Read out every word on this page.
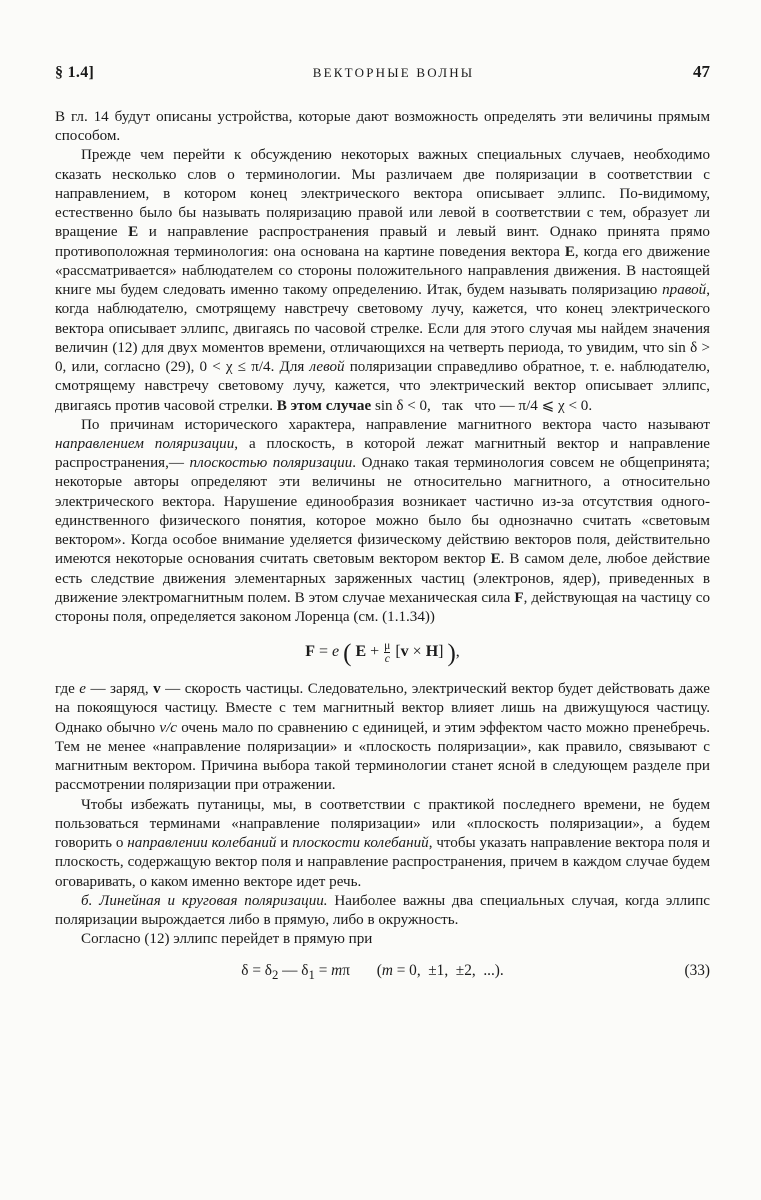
§ 1.4]	ВЕКТОРНЫЕ ВОЛНЫ	47

В гл. 14 будут описаны устройства, которые дают возможность определять эти величины прямым способом.

Прежде чем перейти к обсуждению некоторых важных специальных случаев, необходимо сказать несколько слов о терминологии. Мы различаем две поляризации в соответствии с направлением, в котором конец электрического вектора описывает эллипс. По-видимому, естественно было бы называть поляризацию правой или левой в соответствии с тем, образует ли вращение E и направление распространения правый и левый винт. Однако принята прямо противоположная терминология: она основана на картине поведения вектора E, когда его движение «рассматривается» наблюдателем со стороны положительного направления движения. В настоящей книге мы будем следовать именно такому определению. Итак, будем называть поляризацию правой, когда наблюдателю, смотрящему навстречу световому лучу, кажется, что конец электрического вектора описывает эллипс, двигаясь по часовой стрелке. Если для этого случая мы найдем значения величин (12) для двух моментов времени, отличающихся на четверть периода, то увидим, что sin δ > 0, или, согласно (29), 0 < χ ≤ π/4. Для левой поляризации справедливо обратное, т. е. наблюдателю, смотрящему навстречу световому лучу, кажется, что электрический вектор описывает эллипс, двигаясь против часовой стрелки. В этом случае sin δ < 0,   так   что — π/4 ⩽ χ < 0.

По причинам исторического характера, направление магнитного вектора часто называют направлением поляризации, а плоскость, в которой лежат магнитный вектор и направление распространения,— плоскостью поляризации. Однако такая терминология совсем не общепринята; некоторые авторы определяют эти величины не относительно магнитного, а относительно электрического вектора. Нарушение единообразия возникает частично из-за отсутствия одного-единственного физического понятия, которое можно было бы однозначно считать «световым вектором». Когда особое внимание уделяется физическому действию векторов поля, действительно имеются некоторые основания считать световым вектором вектор E. В самом деле, любое действие есть следствие движения элементарных заряженных частиц (электронов, ядер), приведенных в движение электромагнитным полем. В этом случае механическая сила F, действующая на частицу со стороны поля, определяется законом Лоренца (см. (1.1.34))

F = e ( $E + \frac{\mu}{c} [v \times H]$ ),

где e — заряд, v — скорость частицы. Следовательно, электрический вектор будет действовать даже на покоящуюся частицу. Вместе с тем магнитный вектор влияет лишь на движущуюся частицу. Однако обычно v/c очень мало по сравнению с единицей, и этим эффектом часто можно пренебречь. Тем не менее «направление поляризации» и «плоскость поляризации», как правило, связывают с магнитным вектором. Причина выбора такой терминологии станет ясной в следующем разделе при рассмотрении поляризации при отражении.

Чтобы избежать путаницы, мы, в соответствии с практикой последнего времени, не будем пользоваться терминами «направление поляризации» или «плоскость поляризации», а будем говорить о направлении колебаний и плоскости колебаний, чтобы указать направление вектора поля и плоскость, содержащую вектор поля и направление распространения, причем в каждом случае будем оговаривать, о каком именно векторе идет речь.

б. Линейная и круговая поляризации. Наиболее важны два специальных случая, когда эллипс поляризации вырождается либо в прямую, либо в окружность.

Согласно (12) эллипс перейдет в прямую при

$\delta = \delta_2$ — $\delta_1 = m\pi$       (m = 0,  ±1,  ±2,  ...).	(33)
